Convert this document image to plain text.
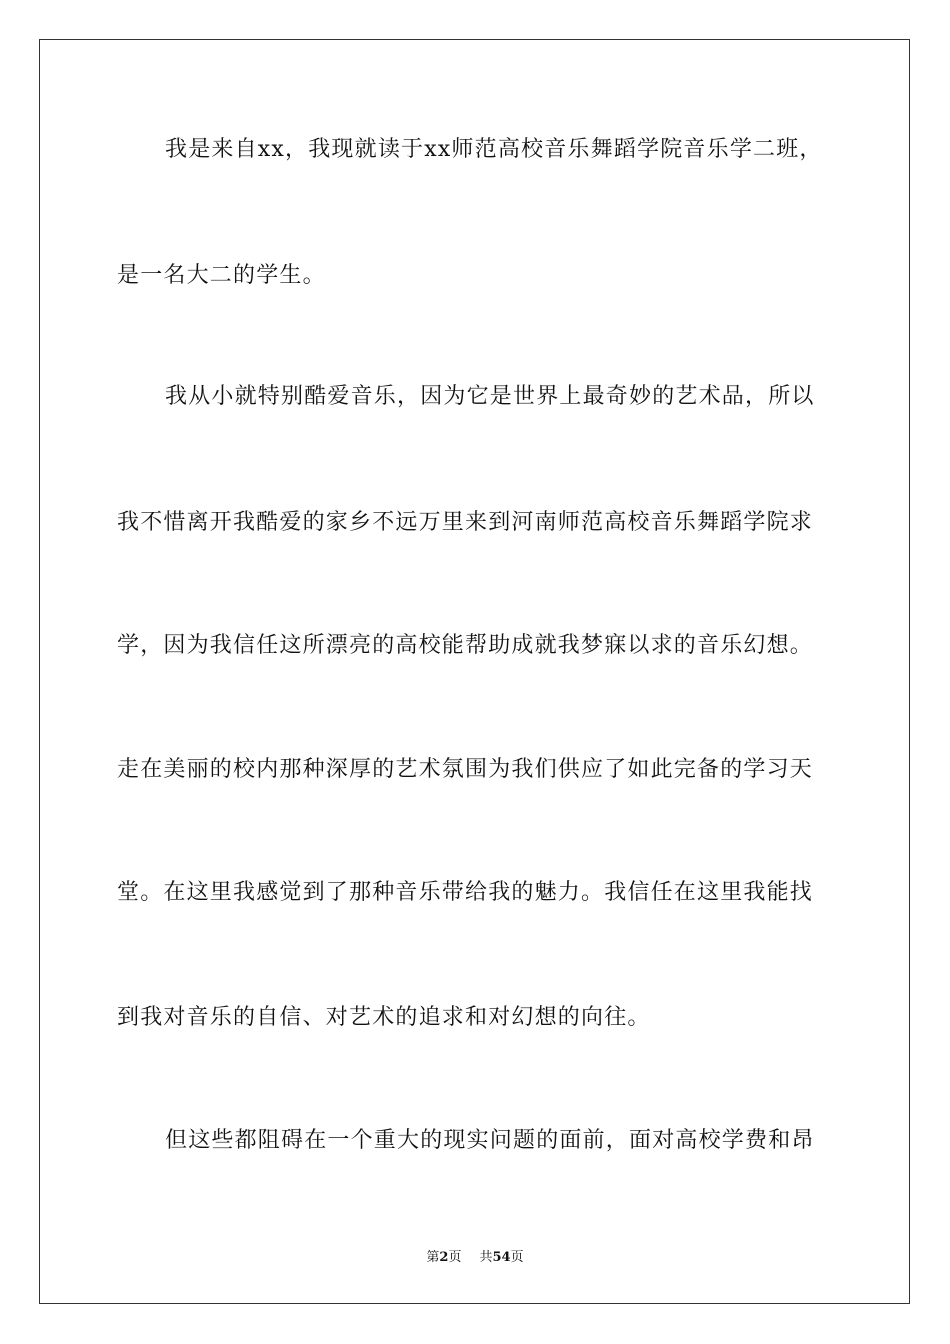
我是来自xx，我现就读于xx师范高校音乐舞蹈学院音乐学二班，
是一名大二的学生。
我从小就特别酷爱音乐，因为它是世界上最奇妙的艺术品，所以
我不惜离开我酷爱的家乡不远万里来到河南师范高校音乐舞蹈学院求
学，因为我信任这所漂亮的高校能帮助成就我梦寐以求的音乐幻想。
走在美丽的校内那种深厚的艺术氛围为我们供应了如此完备的学习天
堂。在这里我感觉到了那种音乐带给我的魅力。我信任在这里我能找
到我对音乐的自信、对艺术的追求和对幻想的向往。
但这些都阻碍在一个重大的现实问题的面前，面对高校学费和昂
第2页 共54页
